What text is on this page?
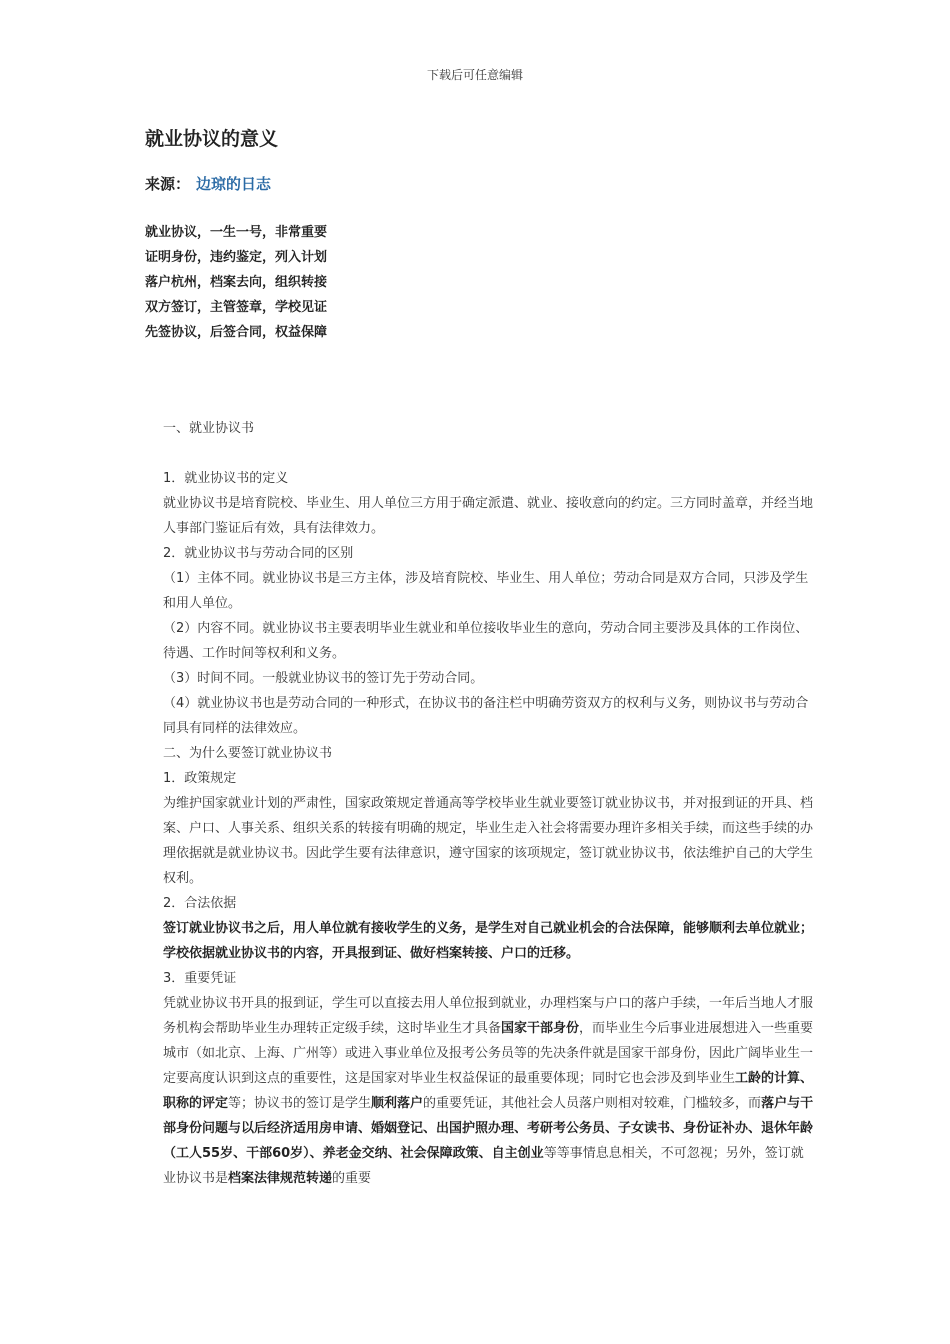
下载后可任意编辑
就业协议的意义
来源： 边琼的日志
就业协议，一生一号，非常重要
证明身份，违约鉴定，列入计划
落户杭州，档案去向，组织转接
双方签订，主管签章，学校见证
先签协议，后签合同，权益保障

一、就业协议书

1．就业协议书的定义

就业协议书是培育院校、毕业生、用人单位三方用于确定派遣、就业、接收意向的约定。三方同时盖章，并经当地人事部门鉴证后有效，具有法律效力。

2．就业协议书与劳动合同的区别

（1）主体不同。就业协议书是三方主体，涉及培育院校、毕业生、用人单位；劳动合同是双方合同，只涉及学生和用人单位。

（2）内容不同。就业协议书主要表明毕业生就业和单位接收毕业生的意向，劳动合同主要涉及具体的工作岗位、待遇、工作时间等权利和义务。

（3）时间不同。一般就业协议书的签订先于劳动合同。

（4）就业协议书也是劳动合同的一种形式，在协议书的备注栏中明确劳资双方的权利与义务，则协议书与劳动合同具有同样的法律效应。

二、为什么要签订就业协议书

1．政策规定

为维护国家就业计划的严肃性，国家政策规定普通高等学校毕业生就业要签订就业协议书，并对报到证的开具、档案、户口、人事关系、组织关系的转接有明确的规定，毕业生走入社会将需要办理许多相关手续，而这些手续的办理依据就是就业协议书。因此学生要有法律意识，遵守国家的该项规定，签订就业协议书，依法维护自己的大学生权利。

2．合法依据

签订就业协议书之后，用人单位就有接收学生的义务，是学生对自己就业机会的合法保障，能够顺利去单位就业；学校依据就业协议书的内容，开具报到证、做好档案转接、户口的迁移。

3．重要凭证

凭就业协议书开具的报到证，学生可以直接去用人单位报到就业，办理档案与户口的落户手续，一年后当地人才服务机构会帮助毕业生办理转正定级手续，这时毕业生才具备国家干部身份，而毕业生今后事业进展想进入一些重要城市（如北京、上海、广州等）或进入事业单位及报考公务员等的先决条件就是国家干部身份，因此广阔毕业生一定要高度认识到这点的重要性，这是国家对毕业生权益保证的最重要体现；同时它也会涉及到毕业生工龄的计算、职称的评定等；协议书的签订是学生顺利落户的重要凭证，其他社会人员落户则相对较难，门槛较多，而落户与干部身份问题与以后经济适用房申请、婚姻登记、出国护照办理、考研考公务员、子女读书、身份证补办、退休年龄（工人55岁、干部60岁）、养老金交纳、社会保障政策、自主创业等等事情息息相关，不可忽视；另外，签订就业协议书是档案法律规范转递的重要
